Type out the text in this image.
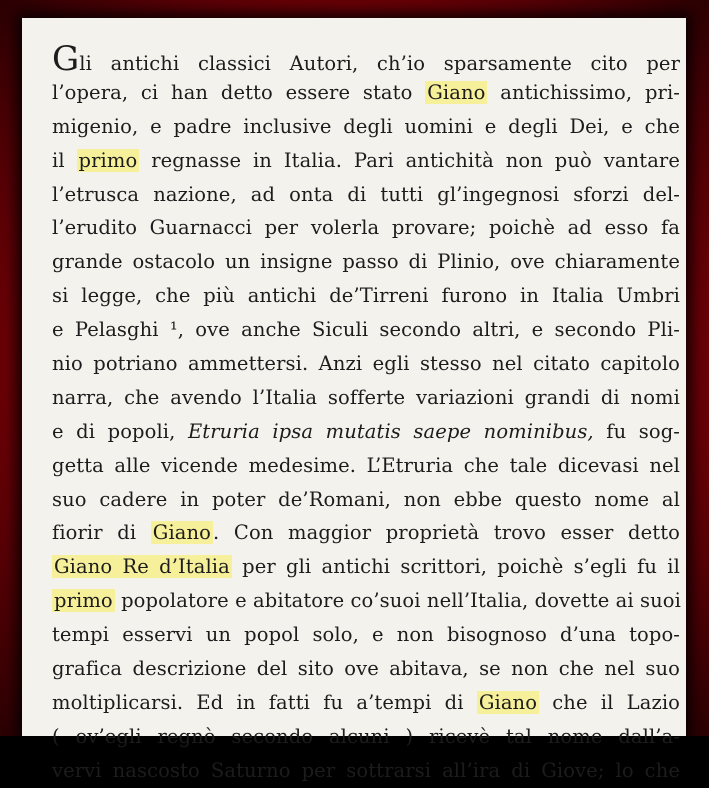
Gli antichi classici Autori, ch’io sparsamente cito per
l’opera, ci han detto essere stato Giano antichissimo, pri-
migenio, e padre inclusive degli uomini e degli Dei, e che
il primo regnasse in Italia. Pari antichità non può vantare
l’etrusca nazione, ad onta di tutti gl’ingegnosi sforzi del-
l’erudito Guarnacci per volerla provare; poichè ad esso fa
grande ostacolo un insigne passo di Plinio, ove chiaramente
si legge, che più antichi de’Tirreni furono in Italia Umbri
e Pelasghi ¹, ove anche Siculi secondo altri, e secondo Pli-
nio potriano ammettersi. Anzi egli stesso nel citato capitolo
narra, che avendo l’Italia sofferte variazioni grandi di nomi
e di popoli, Etruria ipsa mutatis saepe nominibus, fu sog-
getta alle vicende medesime. L’Etruria che tale dicevasi nel
suo cadere in poter de’Romani, non ebbe questo nome al
fiorir di Giano . Con maggior proprietà trovo esser detto
Giano Re d’Italia per gli antichi scrittori, poichè s’egli fu il
primo popolatore e abitatore co’suoi nell’Italia, dovette ai suoi
tempi esservi un popol solo, e non bisognoso d’una topo-
grafica descrizione del sito ove abitava, se non che nel suo
moltiplicarsi. Ed in fatti fu a’tempi di Giano che il Lazio
( ov’egli regnò secondo alcuni ) ricevè tal nome dall’a-
vervi nascosto Saturno per sottrarsi all’ira di Giove; lo che
